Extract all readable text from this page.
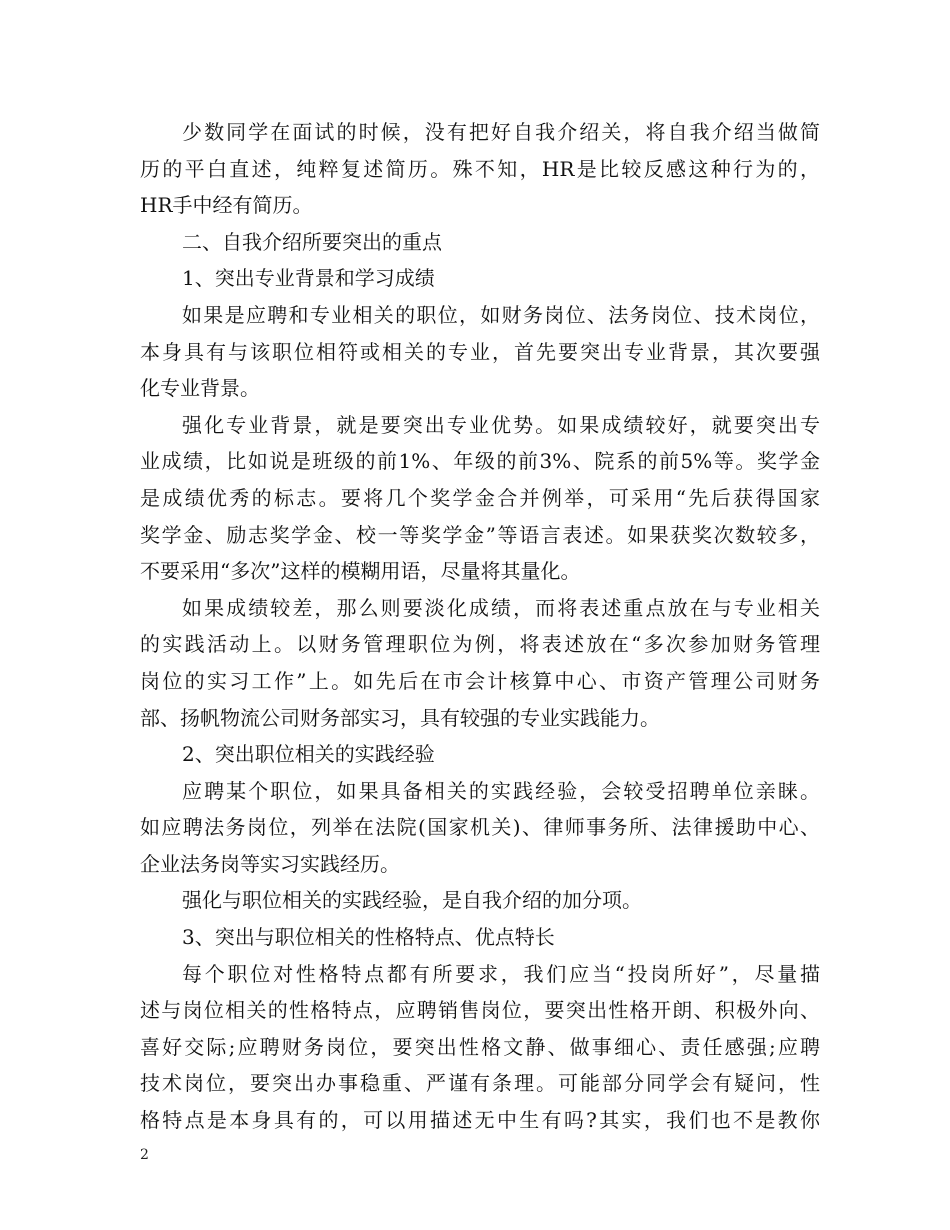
少数同学在面试的时候，没有把好自我介绍关，将自我介绍当做简
历的平白直述，纯粹复述简历。殊不知，HR是比较反感这种行为的，
HR手中经有简历。
二、自我介绍所要突出的重点
1、突出专业背景和学习成绩
如果是应聘和专业相关的职位，如财务岗位、法务岗位、技术岗位，
本身具有与该职位相符或相关的专业，首先要突出专业背景，其次要强
化专业背景。
强化专业背景，就是要突出专业优势。如果成绩较好，就要突出专
业成绩，比如说是班级的前1%、年级的前3%、院系的前5%等。奖学金
是成绩优秀的标志。要将几个奖学金合并例举，可采用“先后获得国家
奖学金、励志奖学金、校一等奖学金”等语言表述。如果获奖次数较多，
不要采用“多次”这样的模糊用语，尽量将其量化。
如果成绩较差，那么则要淡化成绩，而将表述重点放在与专业相关
的实践活动上。以财务管理职位为例，将表述放在“多次参加财务管理
岗位的实习工作”上。如先后在市会计核算中心、市资产管理公司财务
部、扬帆物流公司财务部实习，具有较强的专业实践能力。
2、突出职位相关的实践经验
应聘某个职位，如果具备相关的实践经验，会较受招聘单位亲睐。
如应聘法务岗位，列举在法院(国家机关)、律师事务所、法律援助中心、
企业法务岗等实习实践经历。
强化与职位相关的实践经验，是自我介绍的加分项。
3、突出与职位相关的性格特点、优点特长
每个职位对性格特点都有所要求，我们应当“投岗所好”，尽量描
述与岗位相关的性格特点，应聘销售岗位，要突出性格开朗、积极外向、
喜好交际;应聘财务岗位，要突出性格文静、做事细心、责任感强;应聘
技术岗位，要突出办事稳重、严谨有条理。可能部分同学会有疑问，性
格特点是本身具有的，可以用描述无中生有吗?其实，我们也不是教你
2
